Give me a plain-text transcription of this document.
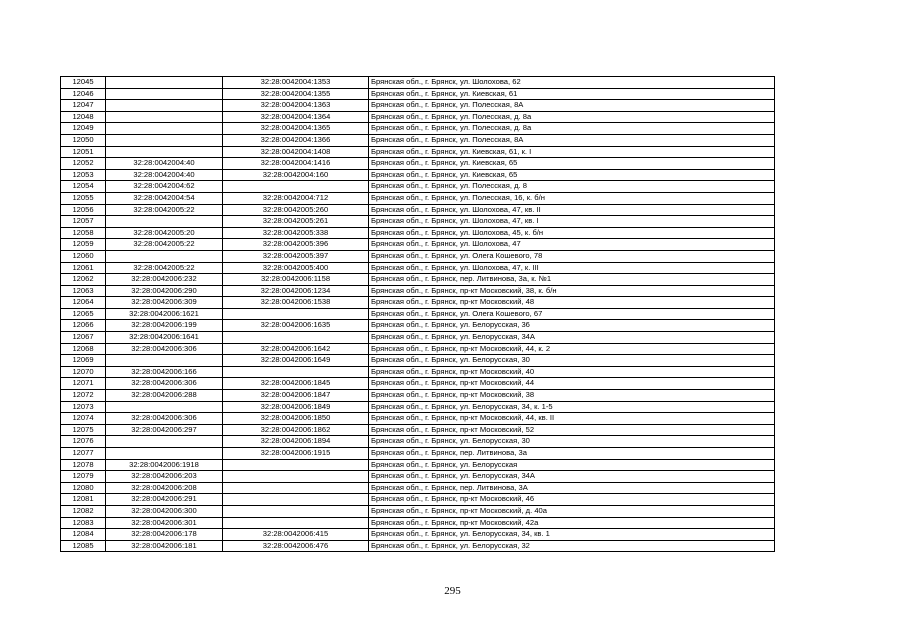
12045		32:28:0042004:1353	Брянская обл., г. Брянск, ул. Шолохова, 62
12046		32:28:0042004:1355	Брянская обл., г. Брянск, ул. Киевская, 61
12047		32:28:0042004:1363	Брянская обл., г. Брянск, ул. Полесская, 8А
12048		32:28:0042004:1364	Брянская обл., г. Брянск, ул. Полесская, д. 8а
12049		32:28:0042004:1365	Брянская обл., г. Брянск, ул. Полесская, д. 8а
12050		32:28:0042004:1366	Брянская обл., г. Брянск, ул. Полесская, 8А
12051		32:28:0042004:1408	Брянская обл., г. Брянск, ул. Киевская, 61, к. I
12052	32:28:0042004:40	32:28:0042004:1416	Брянская обл., г. Брянск, ул. Киевская, 65
12053	32:28:0042004:40	32:28:0042004:160	Брянская обл., г. Брянск, ул. Киевская, 65
12054	32:28:0042004:62		Брянская обл., г. Брянск, ул. Полесская, д. 8
12055	32:28:0042004:54	32:28:0042004:712	Брянская обл., г. Брянск, ул. Полесская, 16, к. б/н
12056	32:28:0042005:22	32:28:0042005:260	Брянская обл., г. Брянск, ул. Шолохова, 47, кв. II
12057		32:28:0042005:261	Брянская обл., г. Брянск, ул. Шолохова, 47, кв. I
12058	32:28:0042005:20	32:28:0042005:338	Брянская обл., г. Брянск, ул. Шолохова, 45, к. б/н
12059	32:28:0042005:22	32:28:0042005:396	Брянская обл., г. Брянск, ул. Шолохова, 47
12060		32:28:0042005:397	Брянская обл., г. Брянск, ул. Олега Кошевого, 78
12061	32:28:0042005:22	32:28:0042005:400	Брянская обл., г. Брянск, ул. Шолохова, 47, к. III
12062	32:28:0042006:232	32:28:0042006:1158	Брянская обл., г. Брянск, пер. Литвинова, 3а, к. №1
12063	32:28:0042006:290	32:28:0042006:1234	Брянская обл., г. Брянск, пр-кт Московский, 38, к. б/н
12064	32:28:0042006:309	32:28:0042006:1538	Брянская обл., г. Брянск, пр-кт Московский, 48
12065	32:28:0042006:1621		Брянская обл., г. Брянск, ул. Олега Кошевого, 67
12066	32:28:0042006:199	32:28:0042006:1635	Брянская обл., г. Брянск, ул. Белорусская, 36
12067	32:28:0042006:1641		Брянская обл., г. Брянск, ул. Белорусская, 34А
12068	32:28:0042006:306	32:28:0042006:1642	Брянская обл., г. Брянск, пр-кт Московский, 44, к. 2
12069		32:28:0042006:1649	Брянская обл., г. Брянск, ул. Белорусская, 30
12070	32:28:0042006:166		Брянская обл., г. Брянск, пр-кт Московский, 40
12071	32:28:0042006:306	32:28:0042006:1845	Брянская обл., г. Брянск, пр-кт Московский, 44
12072	32:28:0042006:288	32:28:0042006:1847	Брянская обл., г. Брянск, пр-кт Московский, 38
12073		32:28:0042006:1849	Брянская обл., г. Брянск, ул. Белорусская, 34, к. 1-5
12074	32:28:0042006:306	32:28:0042006:1850	Брянская обл., г. Брянск, пр-кт Московский, 44, кв. II
12075	32:28:0042006:297	32:28:0042006:1862	Брянская обл., г. Брянск, пр-кт Московский, 52
12076		32:28:0042006:1894	Брянская обл., г. Брянск, ул. Белорусская, 30
12077		32:28:0042006:1915	Брянская обл., г. Брянск, пер. Литвинова, 3а
12078	32:28:0042006:1918		Брянская обл., г. Брянск, ул. Белорусская
12079	32:28:0042006:203		Брянская обл., г. Брянск, ул. Белорусская, 34А
12080	32:28:0042006:208		Брянская обл., г. Брянск, пер. Литвинова, 3А
12081	32:28:0042006:291		Брянская обл., г. Брянск, пр-кт Московский, 46
12082	32:28:0042006:300		Брянская обл., г. Брянск, пр-кт Московский, д. 40а
12083	32:28:0042006:301		Брянская обл., г. Брянск, пр-кт Московский, 42а
12084	32:28:0042006:178	32:28:0042006:415	Брянская обл., г. Брянск, ул. Белорусская, 34, кв. 1
12085	32:28:0042006:181	32:28:0042006:476	Брянская обл., г. Брянск, ул. Белорусская, 32
295
